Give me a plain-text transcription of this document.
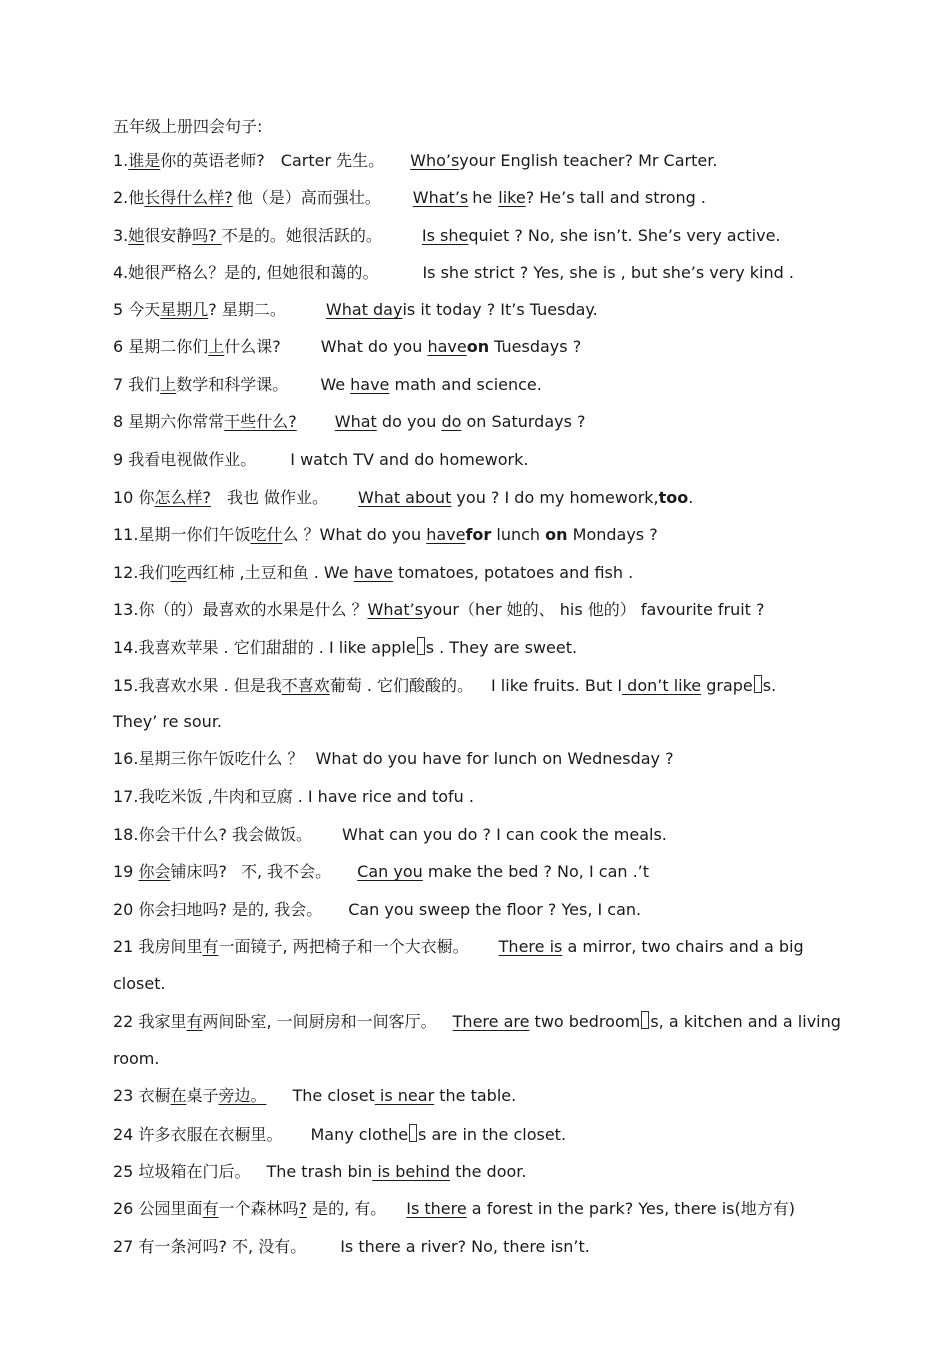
五年级上册四会句子:
1.谁是你的英语老师? Carter 先生。 Who’syour English teacher? Mr Carter.
2.他长得什么样? 他（是）高而强壮。 What’s he like? He’s tall and strong .
3.她很安静吗? 不是的。她很活跃的。	Is shequiet ? No, she isn’t. She’s very active.
4.她很严格么？是的, 但她很和蔼的。	Is she strict ? Yes, she is , but she’s very kind .
5 今天星期几? 星期二。	What dayis it today ? It’s Tuesday.
6 星期二你们上什么课?	What do you haveon Tuesdays ?
7 我们上数学和科学课。 We have math and science.
8 星期六你常常干些什么? What do you do on Saturdays ?
9 我看电视做作业。 I watch TV and do homework.
10 你怎么样? 我也 做作业。 What about you ? I do my homework,too.
11.星期一你们午饭吃什么 ？What do you havefor lunch on Mondays ?
12.我们吃西红柿 ,土豆和鱼 . We have tomatoes, potatoes and fish .
13.你（的）最喜欢的水果是什么 ？What’syour（her 她的、 his 他的） favourite fruit ?
14.我喜欢苹果 . 它们甜甜的 . I like apple s . They are sweet.
15.我喜欢水果 . 但是我不喜欢葡萄 . 它们酸酸的。 I like fruits. But I don’t like grape s.
They’ re sour.
16.星期三你午饭吃什么 ？ What do you have for lunch on Wednesday ?
17.我吃米饭 ,牛肉和豆腐 . I have rice and tofu .
18.你会干什么? 我会做饭。 What can you do ? I can cook the meals.
19 你会铺床吗? 不, 我不会。 Can you make the bed ? No, I can .’t
20 你会扫地吗? 是的, 我会。 Can you sweep the floor ? Yes, I can.
21 我房间里有一面镜子, 两把椅子和一个大衣橱。 There is a mirror, two chairs and a big
closet.
22 我家里有两间卧室, 一间厨房和一间客厅。 There are two bedroom s, a kitchen and a living
room.
23 衣橱在桌子旁边。 The closet is near the table.
24 许多衣服在衣橱里。 Many clothe s are in the closet.
25 垃圾箱在门后。 The trash bin is behind the door.
26 公园里面有一个森林吗? 是的, 有。 Is there a forest in the park? Yes, there is(地方有)
27 有一条河吗? 不, 没有。 Is there a river? No, there isn’t.
